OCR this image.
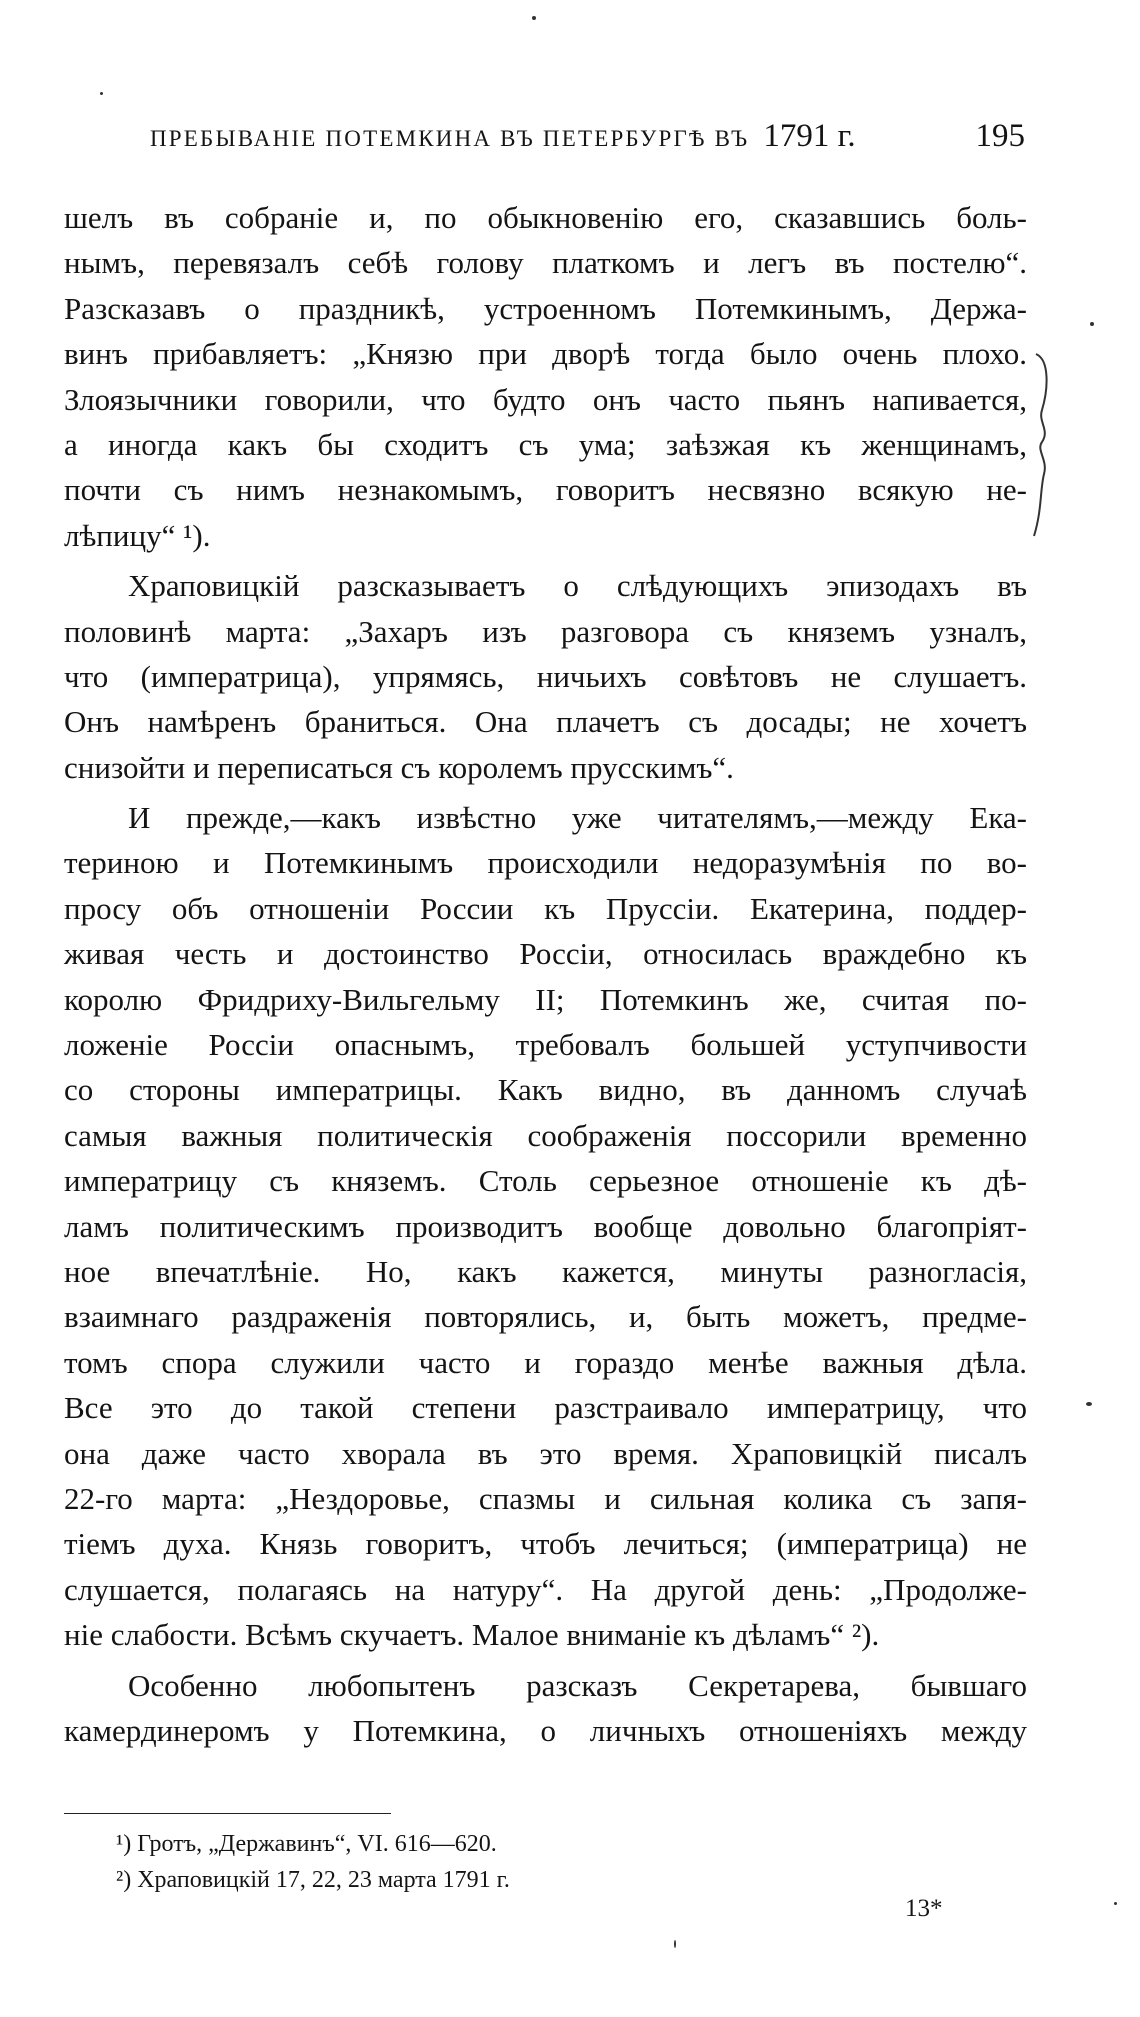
ПРЕБЫВАНІЕ ПОТЕМКИНА ВЪ ПЕТЕРБУРГѢ ВЪ 1791 г.	195
шелъ въ собраніе и, по обыкновенію его, сказавшись боль-
нымъ, перевязалъ себѣ голову платкомъ и легъ въ постелю“.
Разсказавъ о праздникѣ, устроенномъ Потемкинымъ, Держа-
винъ прибавляетъ: „Князю при дворѣ тогда было очень плохо.
Злоязычники говорили, что будто онъ часто пьянъ напивается,
а иногда какъ бы сходитъ съ ума; заѣзжая къ женщинамъ,
почти съ нимъ незнакомымъ, говоритъ несвязно всякую не-
лѣпицу“ ¹).
Храповицкій разсказываетъ о слѣдующихъ эпизодахъ въ
половинѣ марта: „Захаръ изъ разговора съ княземъ узналъ,
что (императрица), упрямясь, ничьихъ совѣтовъ не слушаетъ.
Онъ намѣренъ браниться. Она плачетъ съ досады; не хочетъ
снизойти и переписаться съ королемъ прусскимъ“.
И прежде,—какъ извѣстно уже читателямъ,—между Ека-
териною и Потемкинымъ происходили недоразумѣнія по во-
просу объ отношеніи России къ Пруссіи. Екатерина, поддер-
живая честь и достоинство Россіи, относилась враждебно къ
королю Фридриху-Вильгельму II; Потемкинъ же, считая по-
ложеніе Россіи опаснымъ, требовалъ большей уступчивости
со стороны императрицы. Какъ видно, въ данномъ случаѣ
самыя важныя политическія соображенія поссорили временно
императрицу съ княземъ. Столь серьезное отношеніе къ дѣ-
ламъ политическимъ производитъ вообще довольно благопріят-
ное впечатлѣніе. Но, какъ кажется, минуты разногласія,
взаимнаго раздраженія повторялись, и, быть можетъ, предме-
томъ спора служили часто и гораздо менѣе важныя дѣла.
Все это до такой степени разстраивало императрицу, что
она даже часто хворала въ это время. Храповицкій писалъ
22-го марта: „Нездоровье, спазмы и сильная колика съ запя-
тіемъ духа. Князь говоритъ, чтобъ лечиться; (императрица) не
слушается, полагаясь на натуру“. На другой день: „Продолже-
ніе слабости. Всѣмъ скучаетъ. Малое вниманіе къ дѣламъ“ ²).
Особенно любопытенъ разсказъ Секретарева, бывшаго
камердинеромъ у Потемкина, о личныхъ отношеніяхъ между
¹) Гротъ, „Державинъ“, VI. 616—620.
²) Храповицкій 17, 22, 23 марта 1791 г.
13*
